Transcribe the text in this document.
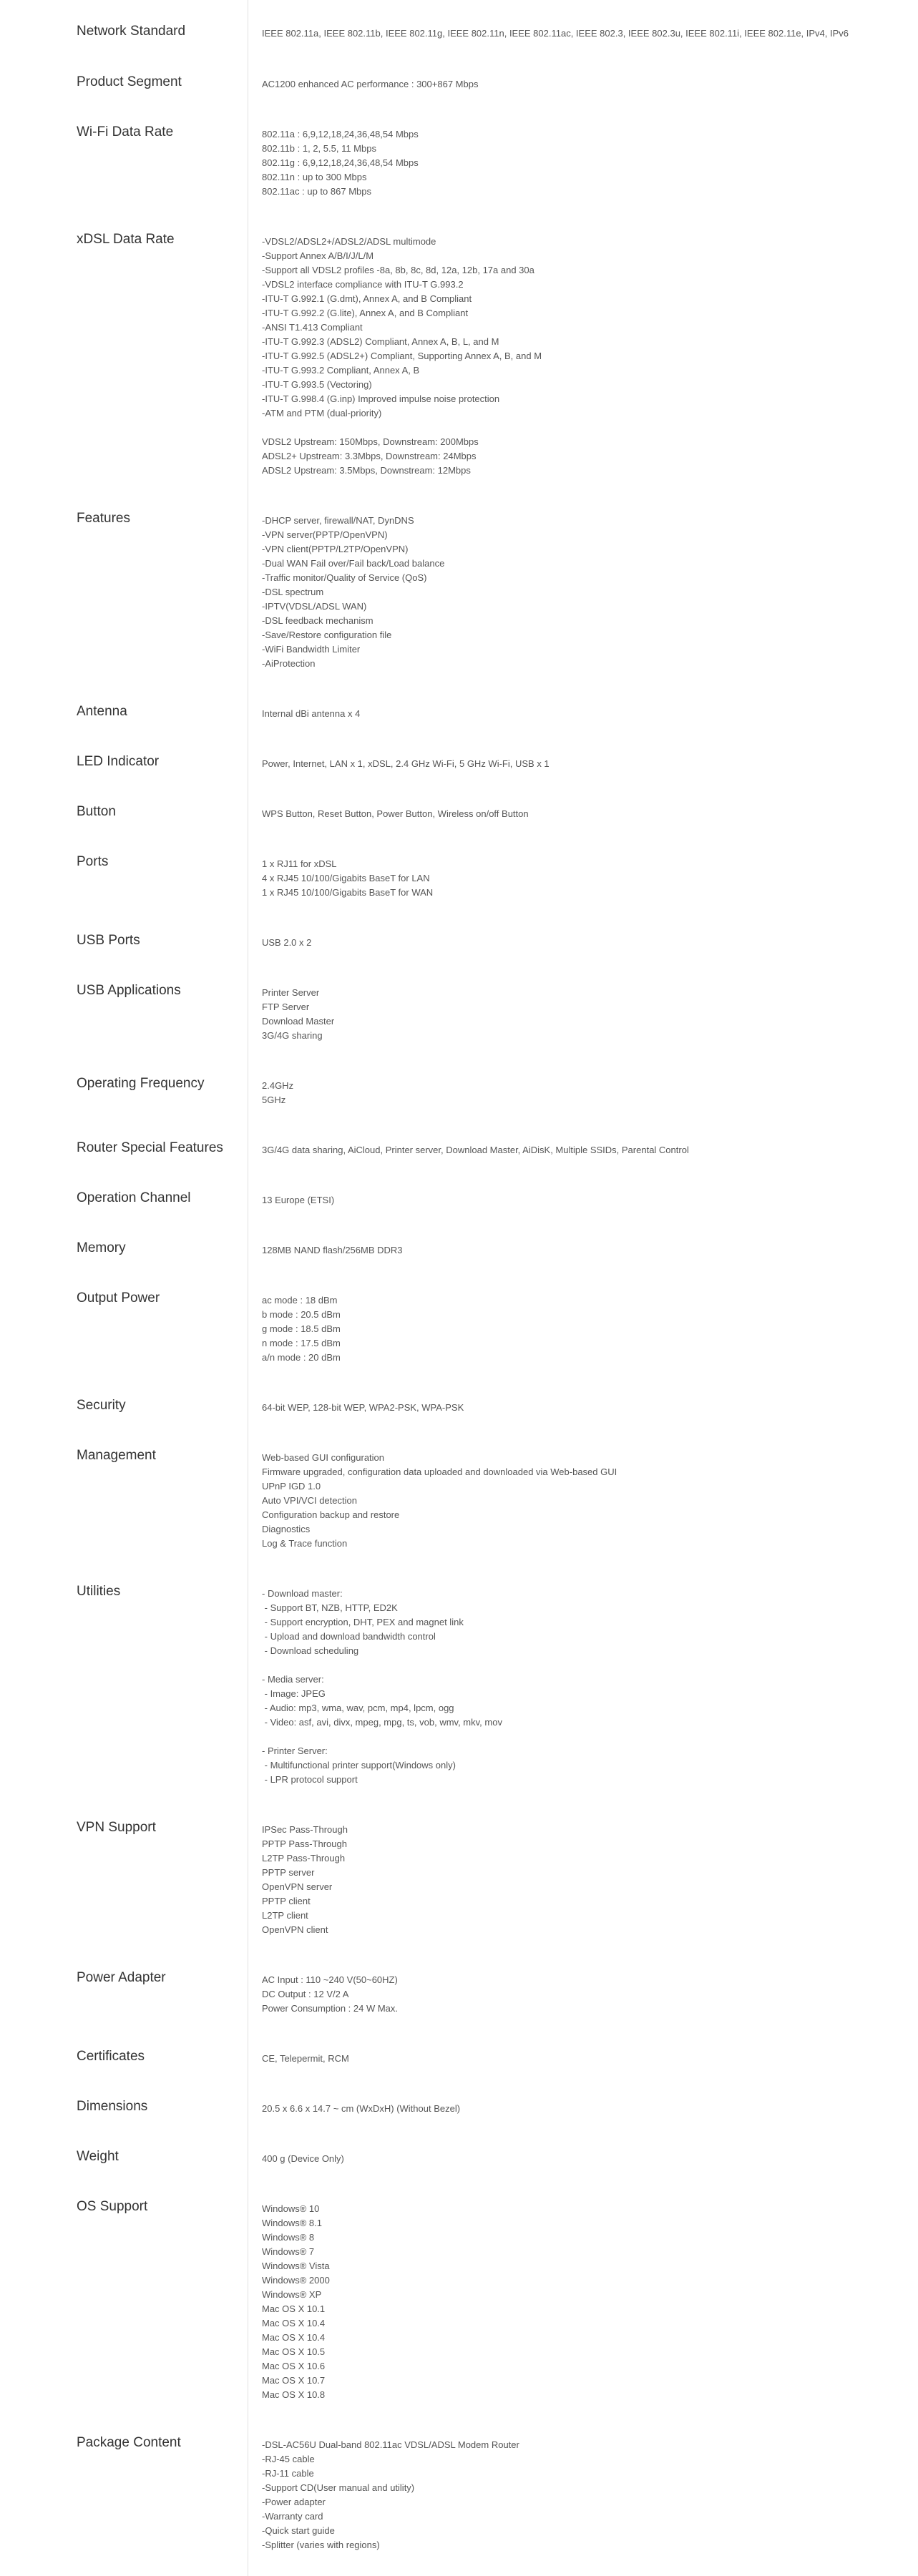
Network Standard	IEEE 802.11a, IEEE 802.11b, IEEE 802.11g, IEEE 802.11n, IEEE 802.11ac, IEEE 802.3, IEEE 802.3u, IEEE 802.11i, IEEE 802.11e, IPv4, IPv6
Product Segment	AC1200 enhanced AC performance : 300+867 Mbps
Wi-Fi Data Rate	802.11a : 6,9,12,18,24,36,48,54 Mbps
802.11b : 1, 2, 5.5, 11 Mbps
802.11g : 6,9,12,18,24,36,48,54 Mbps
802.11n : up to 300 Mbps
802.11ac : up to 867 Mbps
xDSL Data Rate	-VDSL2/ADSL2+/ADSL2/ADSL multimode
-Support Annex A/B/I/J/L/M
-Support all VDSL2 profiles -8a, 8b, 8c, 8d, 12a, 12b, 17a and 30a
-VDSL2 interface compliance with ITU-T G.993.2
-ITU-T G.992.1 (G.dmt), Annex A, and B Compliant
-ITU-T G.992.2 (G.lite), Annex A, and B Compliant
-ANSI T1.413 Compliant
-ITU-T G.992.3 (ADSL2) Compliant, Annex A, B, L, and M
-ITU-T G.992.5 (ADSL2+) Compliant, Supporting Annex A, B, and M
-ITU-T G.993.2 Compliant, Annex A, B
-ITU-T G.993.5 (Vectoring)
-ITU-T G.998.4 (G.inp) Improved impulse noise protection
-ATM and PTM (dual-priority)

VDSL2 Upstream: 150Mbps, Downstream: 200Mbps
ADSL2+ Upstream: 3.3Mbps, Downstream: 24Mbps
ADSL2 Upstream: 3.5Mbps, Downstream: 12Mbps
Features	-DHCP server, firewall/NAT, DynDNS
-VPN server(PPTP/OpenVPN)
-VPN client(PPTP/L2TP/OpenVPN)
-Dual WAN Fail over/Fail back/Load balance
-Traffic monitor/Quality of Service (QoS)
-DSL spectrum
-IPTV(VDSL/ADSL WAN)
-DSL feedback mechanism
-Save/Restore configuration file
-WiFi Bandwidth Limiter
-AiProtection
Antenna	Internal dBi antenna x 4
LED Indicator	Power, Internet, LAN x 1, xDSL, 2.4 GHz Wi-Fi, 5 GHz Wi-Fi, USB x 1
Button	WPS Button, Reset Button, Power Button, Wireless on/off Button
Ports	1 x RJ11 for xDSL
4 x RJ45 10/100/Gigabits BaseT for LAN
1 x RJ45 10/100/Gigabits BaseT for WAN
USB Ports	USB 2.0 x 2
USB Applications	Printer Server
FTP Server
Download Master
3G/4G sharing
Operating Frequency	2.4GHz
5GHz
Router Special Features	3G/4G data sharing, AiCloud, Printer server, Download Master, AiDisK, Multiple SSIDs, Parental Control
Operation Channel	13 Europe (ETSI)
Memory	128MB NAND flash/256MB DDR3
Output Power	ac mode : 18 dBm
b mode : 20.5 dBm
g mode : 18.5 dBm
n mode : 17.5 dBm
a/n mode : 20 dBm
Security	64-bit WEP, 128-bit WEP, WPA2-PSK, WPA-PSK
Management	Web-based GUI configuration
Firmware upgraded, configuration data uploaded and downloaded via Web-based GUI
UPnP IGD 1.0
Auto VPI/VCI detection
Configuration backup and restore
Diagnostics
Log & Trace function
Utilities	- Download master:
- Support BT, NZB, HTTP, ED2K
- Support encryption, DHT, PEX and magnet link
- Upload and download bandwidth control
- Download scheduling

- Media server:
- Image: JPEG
- Audio: mp3, wma, wav, pcm, mp4, lpcm, ogg
- Video: asf, avi, divx, mpeg, mpg, ts, vob, wmv, mkv, mov

- Printer Server:
- Multifunctional printer support(Windows only)
- LPR protocol support
VPN Support	IPSec Pass-Through
PPTP Pass-Through
L2TP Pass-Through
PPTP server
OpenVPN server
PPTP client
L2TP client
OpenVPN client
Power Adapter	AC Input : 110 ~240 V(50~60HZ)
DC Output : 12 V/2 A
Power Consumption : 24 W Max.
Certificates	CE, Telepermit, RCM
Dimensions	20.5 x 6.6 x 14.7 ~ cm (WxDxH) (Without Bezel)
Weight	400 g (Device Only)
OS Support	Windows® 10
Windows® 8.1
Windows® 8
Windows® 7
Windows® Vista
Windows® 2000
Windows® XP
Mac OS X 10.1
Mac OS X 10.4
Mac OS X 10.4
Mac OS X 10.5
Mac OS X 10.6
Mac OS X 10.7
Mac OS X 10.8
Package Content	-DSL-AC56U Dual-band 802.11ac VDSL/ADSL Modem Router
-RJ-45 cable
-RJ-11 cable
-Support CD(User manual and utility)
-Power adapter
-Warranty card
-Quick start guide
-Splitter (varies with regions)
